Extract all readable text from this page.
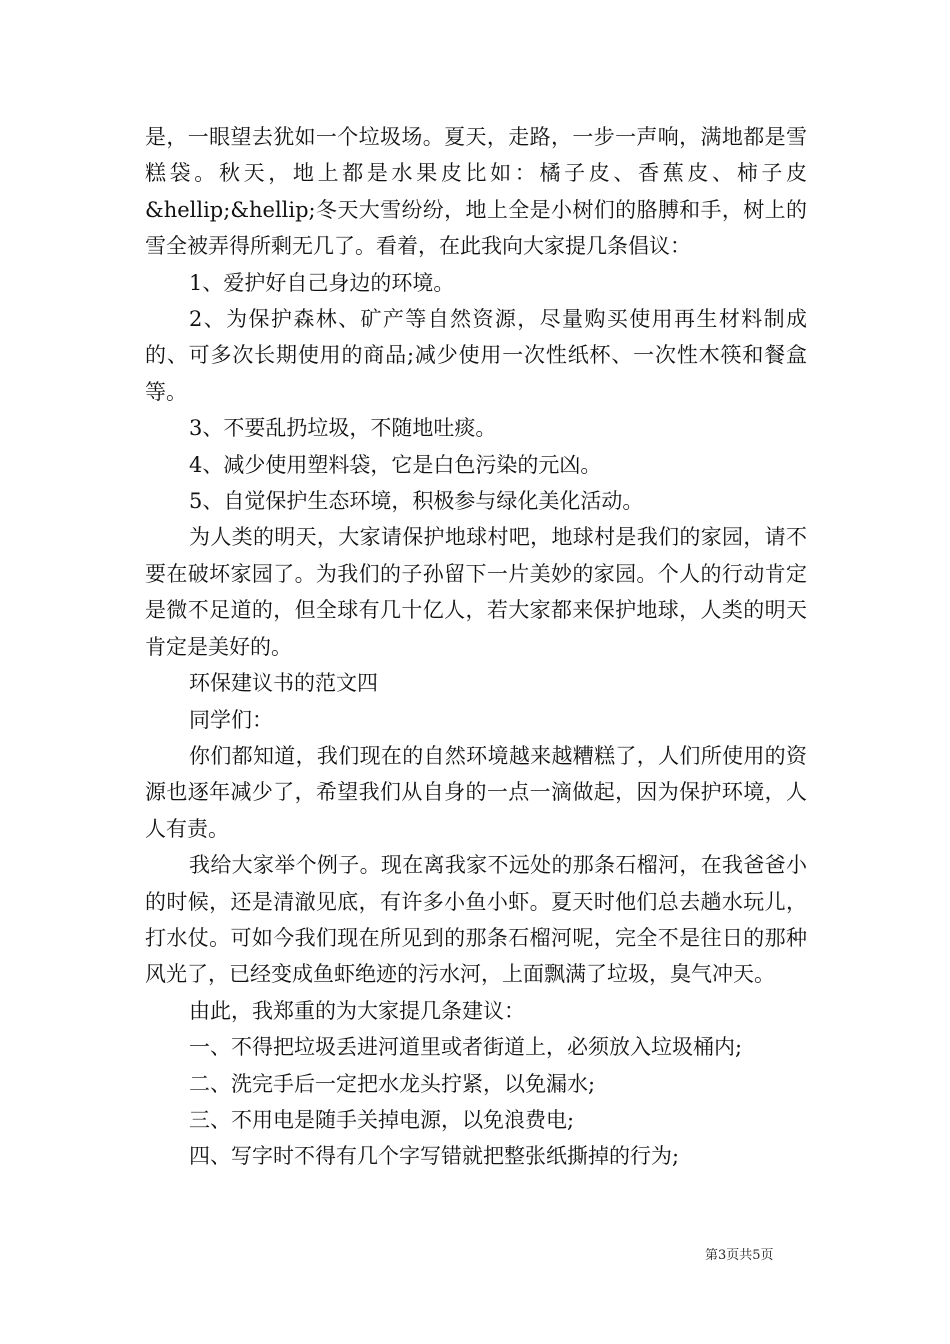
是，一眼望去犹如一个垃圾场。夏天，走路，一步一声响，满地都是雪糕袋。秋天，地上都是水果皮比如：橘子皮、香蕉皮、柿子皮&hellip;&hellip;冬天大雪纷纷，地上全是小树们的胳膊和手，树上的雪全被弄得所剩无几了。看着，在此我向大家提几条倡议：

1、爱护好自己身边的环境。

2、为保护森林、矿产等自然资源，尽量购买使用再生材料制成的、可多次长期使用的商品;减少使用一次性纸杯、一次性木筷和餐盒等。

3、不要乱扔垃圾，不随地吐痰。

4、减少使用塑料袋，它是白色污染的元凶。

5、自觉保护生态环境，积极参与绿化美化活动。

为人类的明天，大家请保护地球村吧，地球村是我们的家园，请不要在破坏家园了。为我们的子孙留下一片美妙的家园。个人的行动肯定是微不足道的，但全球有几十亿人，若大家都来保护地球，人类的明天肯定是美好的。

环保建议书的范文四

同学们：

你们都知道，我们现在的自然环境越来越糟糕了，人们所使用的资源也逐年减少了，希望我们从自身的一点一滴做起，因为保护环境，人人有责。

我给大家举个例子。现在离我家不远处的那条石榴河，在我爸爸小的时候，还是清澈见底，有许多小鱼小虾。夏天时他们总去趟水玩儿，打水仗。可如今我们现在所见到的那条石榴河呢，完全不是往日的那种风光了，已经变成鱼虾绝迹的污水河，上面飘满了垃圾，臭气冲天。

由此，我郑重的为大家提几条建议：

一、不得把垃圾丢进河道里或者街道上，必须放入垃圾桶内;

二、洗完手后一定把水龙头拧紧，以免漏水;

三、不用电是随手关掉电源，以免浪费电;

四、写字时不得有几个字写错就把整张纸撕掉的行为;

第3页共5页
